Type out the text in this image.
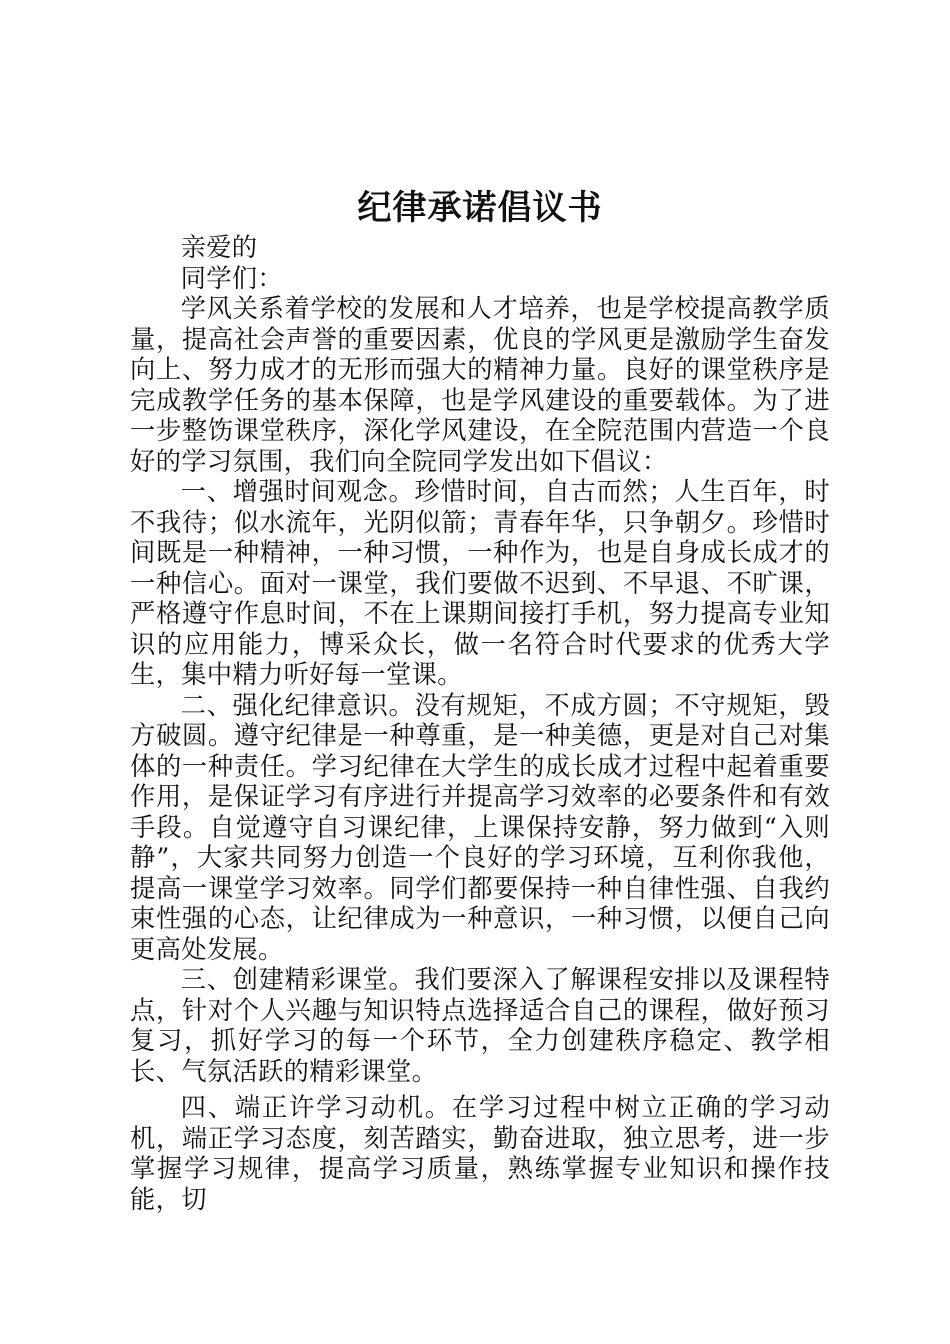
纪律承诺倡议书

亲爱的

同学们：

学风关系着学校的发展和人才培养，也是学校提高教学质量，提高社会声誉的重要因素，优良的学风更是激励学生奋发向上、努力成才的无形而强大的精神力量。良好的课堂秩序是完成教学任务的基本保障，也是学风建设的重要载体。为了进一步整饬课堂秩序，深化学风建设，在全院范围内营造一个良好的学习氛围，我们向全院同学发出如下倡议：

一、增强时间观念。珍惜时间，自古而然；人生百年，时不我待；似水流年，光阴似箭；青春年华，只争朝夕。珍惜时间既是一种精神，一种习惯，一种作为，也是自身成长成才的一种信心。面对一课堂，我们要做不迟到、不早退、不旷课，严格遵守作息时间，不在上课期间接打手机，努力提高专业知识的应用能力，博采众长，做一名符合时代要求的优秀大学生，集中精力听好每一堂课。

二、强化纪律意识。没有规矩，不成方圆；不守规矩，毁方破圆。遵守纪律是一种尊重，是一种美德，更是对自己对集体的一种责任。学习纪律在大学生的成长成才过程中起着重要作用，是保证学习有序进行并提高学习效率的必要条件和有效手段。自觉遵守自习课纪律，上课保持安静，努力做到“入则静”，大家共同努力创造一个良好的学习环境，互利你我他，提高一课堂学习效率。同学们都要保持一种自律性强、自我约束性强的心态，让纪律成为一种意识，一种习惯，以便自己向更高处发展。

三、创建精彩课堂。我们要深入了解课程安排以及课程特点，针对个人兴趣与知识特点选择适合自己的课程，做好预习复习，抓好学习的每一个环节，全力创建秩序稳定、教学相长、气氛活跃的精彩课堂。

四、端正许学习动机。在学习过程中树立正确的学习动机，端正学习态度，刻苦踏实，勤奋进取，独立思考，进一步掌握学习规律，提高学习质量，熟练掌握专业知识和操作技能，切
